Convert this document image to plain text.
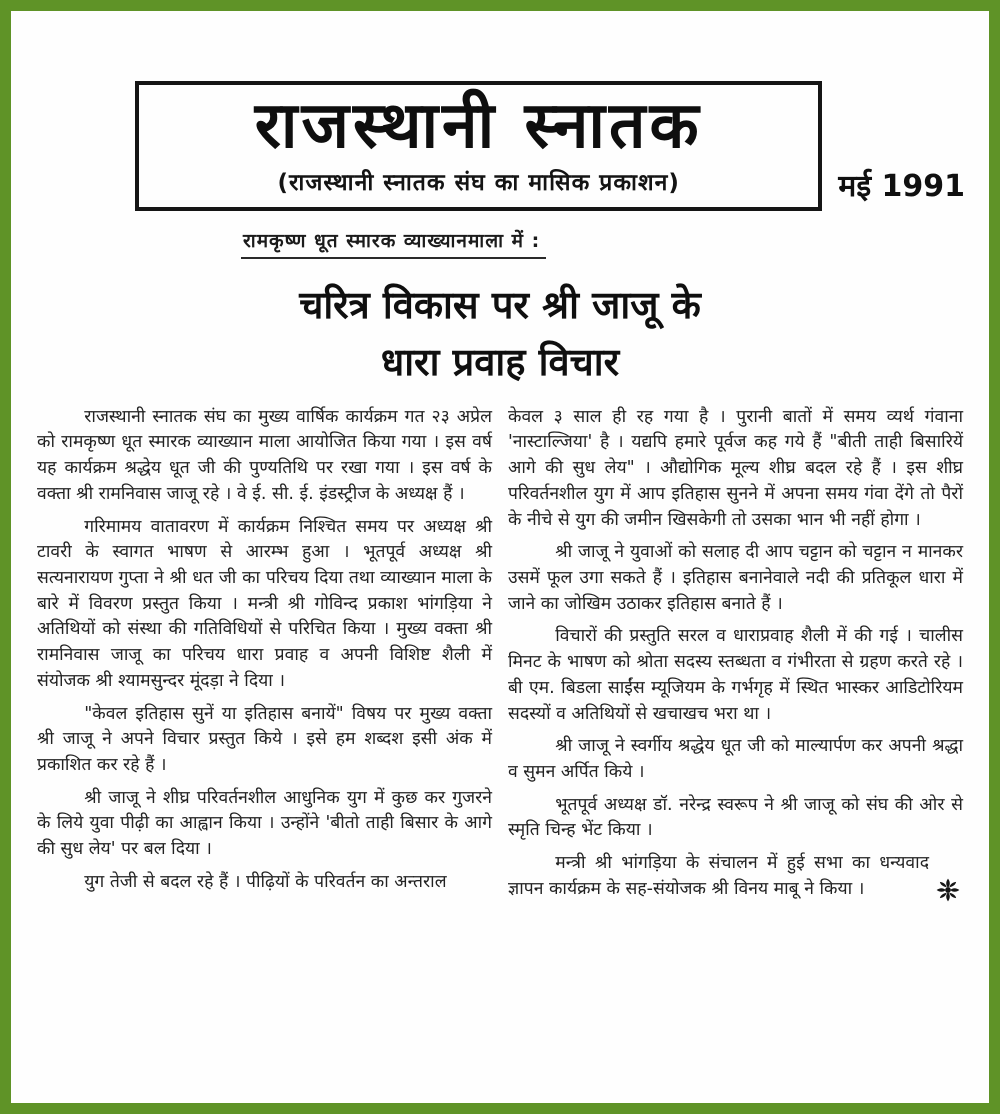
राजस्थानी स्नातक
(राजस्थानी स्नातक संघ का मासिक प्रकाशन)	मई 1991
रामकृष्ण धूत स्मारक व्याख्यानमाला में :
चरित्र विकास पर श्री जाजू के
धारा प्रवाह विचार

राजस्थानी स्नातक संघ का मुख्य वार्षिक कार्यक्रम गत २३ अप्रेल को रामकृष्ण धूत स्मारक व्याख्यान माला आयोजित किया गया । इस वर्ष यह कार्यक्रम श्रद्धेय धूत जी की पुण्यतिथि पर रखा गया । इस वर्ष के वक्ता श्री रामनिवास जाजू रहे । वे ई. सी. ई. इंडस्ट्रीज के अध्यक्ष हैं ।

गरिमामय वातावरण में कार्यक्रम निश्चित समय पर अध्यक्ष श्री टावरी के स्वागत भाषण से आरम्भ हुआ । भूतपूर्व अध्यक्ष श्री सत्यनारायण गुप्ता ने श्री धत जी का परिचय दिया तथा व्याख्यान माला के बारे में विवरण प्रस्तुत किया । मन्त्री श्री गोविन्द प्रकाश भांगड़िया ने अतिथियों को संस्था की गतिविधियों से परिचित किया । मुख्य वक्ता श्री रामनिवास जाजू का परिचय धारा प्रवाह व अपनी विशिष्ट शैली में संयोजक श्री श्यामसुन्दर मूंदड़ा ने दिया ।

"केवल इतिहास सुनें या इतिहास बनायें" विषय पर मुख्य वक्ता श्री जाजू ने अपने विचार प्रस्तुत किये । इसे हम शब्दश इसी अंक में प्रकाशित कर रहे हैं ।

श्री जाजू ने शीघ्र परिवर्तनशील आधुनिक युग में कुछ कर गुजरने के लिये युवा पीढ़ी का आह्वान किया । उन्होंने 'बीतो ताही बिसार के आगे की सुध लेय' पर बल दिया ।

युग तेजी से बदल रहे हैं । पीढ़ियों के परिवर्तन का अन्तराल

केवल ३ साल ही रह गया है । पुरानी बातों में समय व्यर्थ गंवाना 'नास्टाल्जिया' है । यद्यपि हमारे पूर्वज कह गये हैं "बीती ताही बिसारियें आगे की सुध लेय" । औद्योगिक मूल्य शीघ्र बदल रहे हैं । इस शीघ्र परिवर्तनशील युग में आप इतिहास सुनने में अपना समय गंवा देंगे तो पैरों के नीचे से युग की जमीन खिसकेगी तो उसका भान भी नहीं होगा ।

श्री जाजू ने युवाओं को सलाह दी आप चट्टान को चट्टान न मानकर उसमें फूल उगा सकते हैं । इतिहास बनानेवाले नदी की प्रतिकूल धारा में जाने का जोखिम उठाकर इतिहास बनाते हैं ।

विचारों की प्रस्तुति सरल व धाराप्रवाह शैली में की गई । चालीस मिनट के भाषण को श्रोता सदस्य स्तब्धता व गंभीरता से ग्रहण करते रहे । बी एम. बिडला साईंस म्यूजियम के गर्भगृह में स्थित भास्कर आडिटोरियम सदस्यों व अतिथियों से खचाखच भरा था ।

श्री जाजू ने स्वर्गीय श्रद्धेय धूत जी को माल्यार्पण कर अपनी श्रद्धा व सुमन अर्पित किये ।

भूतपूर्व अध्यक्ष डॉ. नरेन्द्र स्वरूप ने श्री जाजू को संघ की ओर से स्मृति चिन्ह भेंट किया ।

मन्त्री श्री भांगड़िया के संचालन में हुई सभा का धन्यवाद ज्ञापन कार्यक्रम के सह-संयोजक श्री विनय माबू ने किया ।
